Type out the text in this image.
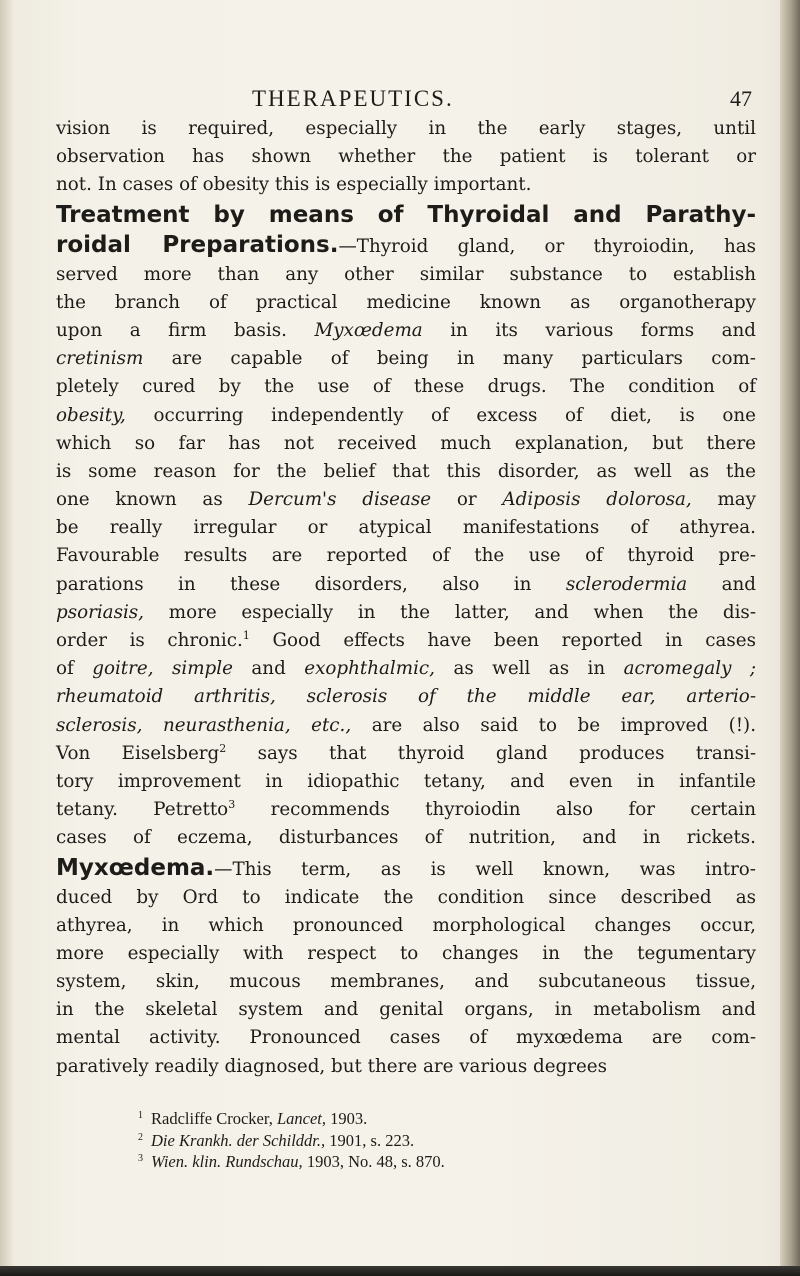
THERAPEUTICS.	47
vision is required, especially in the early stages, until
observation has shown whether the patient is tolerant or
not. In cases of obesity this is especially important.
Treatment by means of Thyroidal and Parathy-
roidal Preparations.—Thyroid gland, or thyroiodin, has
served more than any other similar substance to establish
the branch of practical medicine known as organotherapy
upon a firm basis. Myxœdema in its various forms and
cretinism are capable of being in many particulars com-
pletely cured by the use of these drugs. The condition of
obesity, occurring independently of excess of diet, is one
which so far has not received much explanation, but there
is some reason for the belief that this disorder, as well as the
one known as Dercum's disease or Adiposis dolorosa, may
be really irregular or atypical manifestations of athyrea.
Favourable results are reported of the use of thyroid pre-
parations in these disorders, also in sclerodermia and
psoriasis, more especially in the latter, and when the dis-
order is chronic.$^1$ Good effects have been reported in cases
of goitre, simple and exophthalmic, as well as in acromegaly ;
rheumatoid arthritis, sclerosis of the middle ear, arterio-
sclerosis, neurasthenia, etc., are also said to be improved (!).
Von Eiselsberg$^2$ says that thyroid gland produces transi-
tory improvement in idiopathic tetany, and even in infantile
tetany. Petretto$^3$ recommends thyroiodin also for certain
cases of eczema, disturbances of nutrition, and in rickets.
Myxœdema.—This term, as is well known, was intro-
duced by Ord to indicate the condition since described as
athyrea, in which pronounced morphological changes occur,
more especially with respect to changes in the tegumentary
system, skin, mucous membranes, and subcutaneous tissue,
in the skeletal system and genital organs, in metabolism and
mental activity. Pronounced cases of myxœdema are com-
paratively readily diagnosed, but there are various degrees
$^1$ Radcliffe Crocker, Lancet, 1903.
$^2$ Die Krankh. der Schilddr., 1901, s. 223.
$^3$ Wien. klin. Rundschau, 1903, No. 48, s. 870.
